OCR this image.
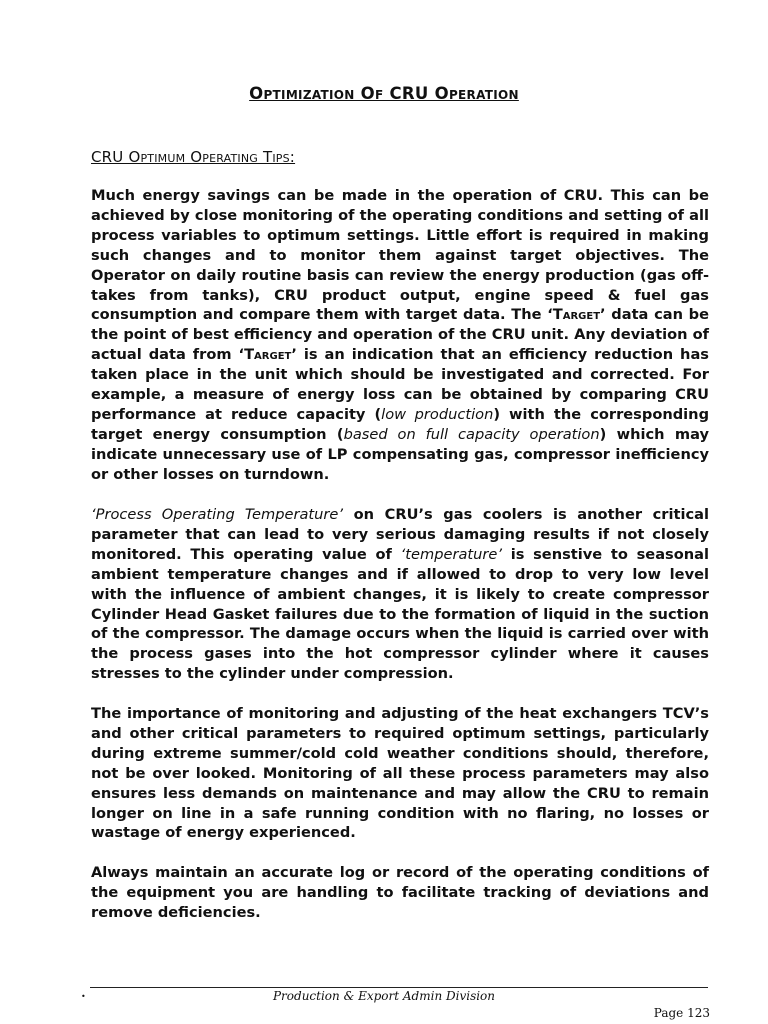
Optimization Of CRU Operation
CRU Optimum Operating Tips:

Much energy savings can be made in the operation of CRU. This can be achieved by close monitoring of the operating conditions and setting of all process variables to optimum settings. Little effort is required in making such changes and to monitor them against target objectives. The Operator on daily routine basis can review the energy production (gas off-takes from tanks), CRU product output, engine speed & fuel gas consumption and compare them with target data. The ‘Target’ data can be the point of best efficiency and operation of the CRU unit. Any deviation of actual data from ‘Target’ is an indication that an efficiency reduction has taken place in the unit which should be investigated and corrected. For example, a measure of energy loss can be obtained by comparing CRU performance at reduce capacity (low production) with the corresponding target energy consumption (based on full capacity operation) which may indicate unnecessary use of LP compensating gas, compressor inefficiency or other losses on turndown.

‘Process Operating Temperature’ on CRU’s gas coolers is another critical parameter that can lead to very serious damaging results if not closely monitored. This operating value of ‘temperature’ is senstive to seasonal ambient temperature changes and if allowed to drop to very low level with the influence of ambient changes, it is likely to create compressor Cylinder Head Gasket failures due to the formation of liquid in the suction of the compressor. The damage occurs when the liquid is carried over with the process gases into the hot compressor cylinder where it causes stresses to the cylinder under compression.

The importance of monitoring and adjusting of the heat exchangers TCV’s and other critical parameters to required optimum settings, particularly during extreme summer/cold cold weather conditions should, therefore, not be over looked. Monitoring of all these process parameters may also ensures less demands on maintenance and may allow the CRU to remain longer on line in a safe running condition with no flaring, no losses or wastage of energy experienced.

Always maintain an accurate log or record of the operating conditions of the equipment you are handling to facilitate tracking of deviations and remove deficiencies.

•	Production & Export Admin Division
Page 123
